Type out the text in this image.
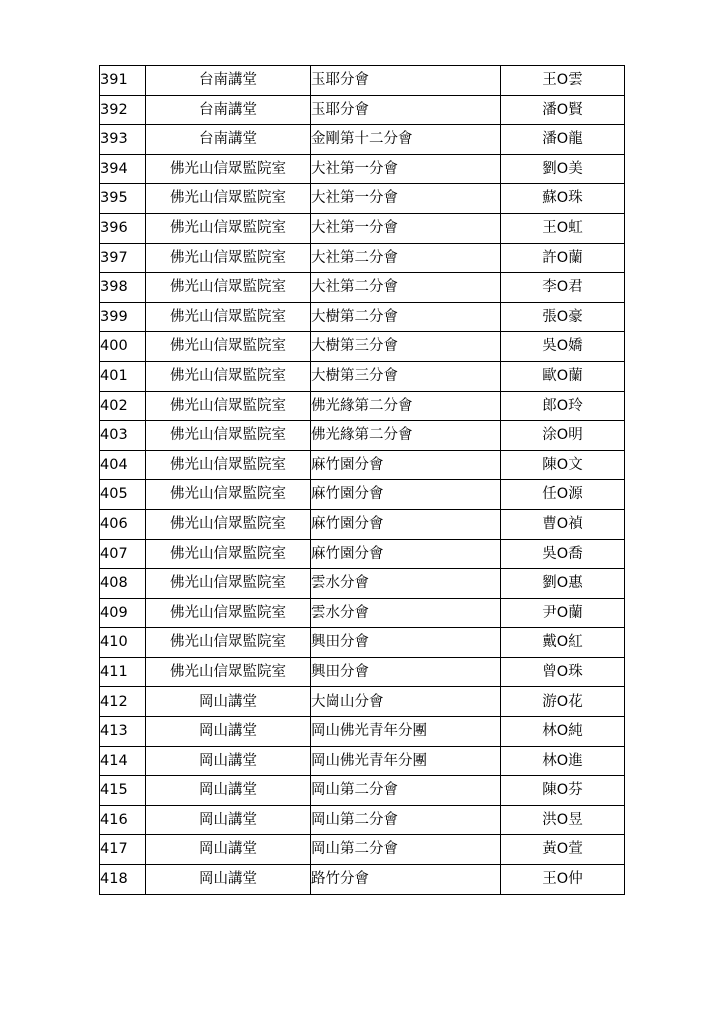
391	台南講堂	玉耶分會	王O雲
392	台南講堂	玉耶分會	潘O賢
393	台南講堂	金剛第十二分會	潘O龍
394	佛光山信眾監院室	大社第一分會	劉O美
395	佛光山信眾監院室	大社第一分會	蘇O珠
396	佛光山信眾監院室	大社第一分會	王O虹
397	佛光山信眾監院室	大社第二分會	許O蘭
398	佛光山信眾監院室	大社第二分會	李O君
399	佛光山信眾監院室	大樹第二分會	張O豪
400	佛光山信眾監院室	大樹第三分會	吳O嬌
401	佛光山信眾監院室	大樹第三分會	歐O蘭
402	佛光山信眾監院室	佛光緣第二分會	郎O玲
403	佛光山信眾監院室	佛光緣第二分會	涂O明
404	佛光山信眾監院室	麻竹園分會	陳O文
405	佛光山信眾監院室	麻竹園分會	任O源
406	佛光山信眾監院室	麻竹園分會	曹O禎
407	佛光山信眾監院室	麻竹園分會	吳O喬
408	佛光山信眾監院室	雲水分會	劉O惠
409	佛光山信眾監院室	雲水分會	尹O蘭
410	佛光山信眾監院室	興田分會	戴O紅
411	佛光山信眾監院室	興田分會	曾O珠
412	岡山講堂	大崗山分會	游O花
413	岡山講堂	岡山佛光青年分團	林O純
414	岡山講堂	岡山佛光青年分團	林O進
415	岡山講堂	岡山第二分會	陳O芬
416	岡山講堂	岡山第二分會	洪O昱
417	岡山講堂	岡山第二分會	黃O萱
418	岡山講堂	路竹分會	王O仲
